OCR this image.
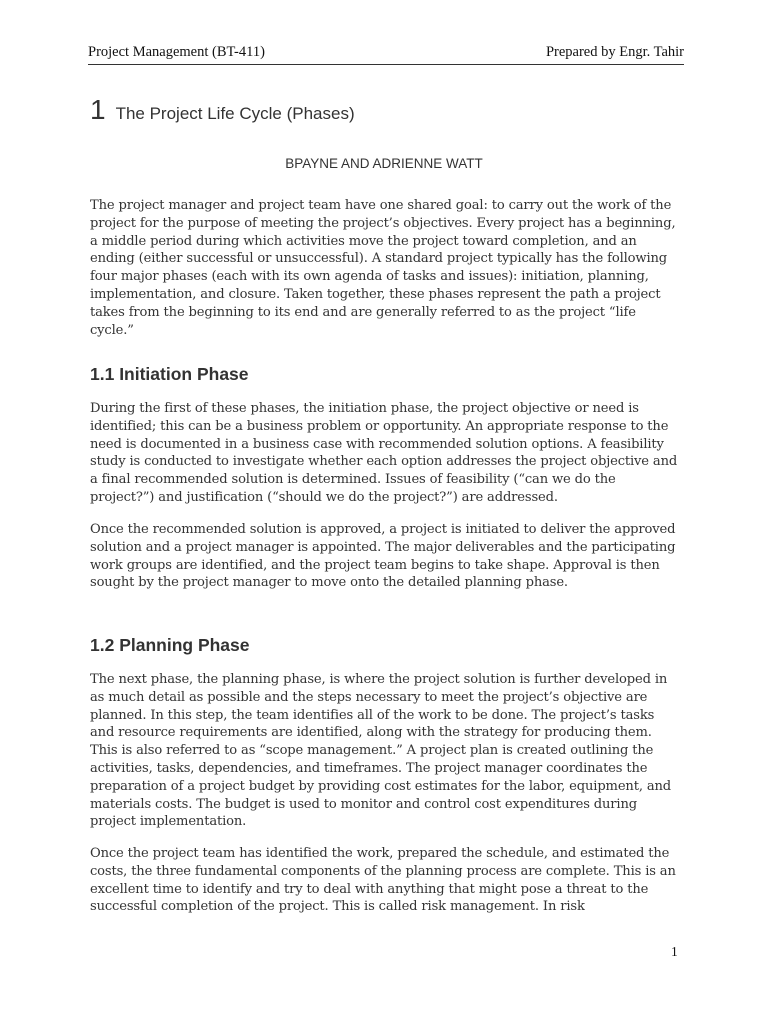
Project Management (BT-411)	Prepared by Engr. Tahir
1 The Project Life Cycle (Phases)
BPAYNE AND ADRIENNE WATT

The project manager and project team have one shared goal: to carry out the work of the project for the purpose of meeting the project’s objectives. Every project has a beginning, a middle period during which activities move the project toward completion, and an ending (either successful or unsuccessful). A standard project typically has the following four major phases (each with its own agenda of tasks and issues): initiation, planning, implementation, and closure. Taken together, these phases represent the path a project takes from the beginning to its end and are generally referred to as the project “life cycle.”

1.1 Initiation Phase

During the first of these phases, the initiation phase, the project objective or need is identified; this can be a business problem or opportunity. An appropriate response to the need is documented in a business case with recommended solution options. A feasibility study is conducted to investigate whether each option addresses the project objective and a final recommended solution is determined. Issues of feasibility (“can we do the project?”) and justification (“should we do the project?”) are addressed.

Once the recommended solution is approved, a project is initiated to deliver the approved solution and a project manager is appointed. The major deliverables and the participating work groups are identified, and the project team begins to take shape. Approval is then sought by the project manager to move onto the detailed planning phase.

1.2 Planning Phase

The next phase, the planning phase, is where the project solution is further developed in as much detail as possible and the steps necessary to meet the project’s objective are planned. In this step, the team identifies all of the work to be done. The project’s tasks and resource requirements are identified, along with the strategy for producing them. This is also referred to as “scope management.” A project plan is created outlining the activities, tasks, dependencies, and timeframes. The project manager coordinates the preparation of a project budget by providing cost estimates for the labor, equipment, and materials costs. The budget is used to monitor and control cost expenditures during project implementation.

Once the project team has identified the work, prepared the schedule, and estimated the costs, the three fundamental components of the planning process are complete. This is an excellent time to identify and try to deal with anything that might pose a threat to the successful completion of the project. This is called risk management. In risk

1
